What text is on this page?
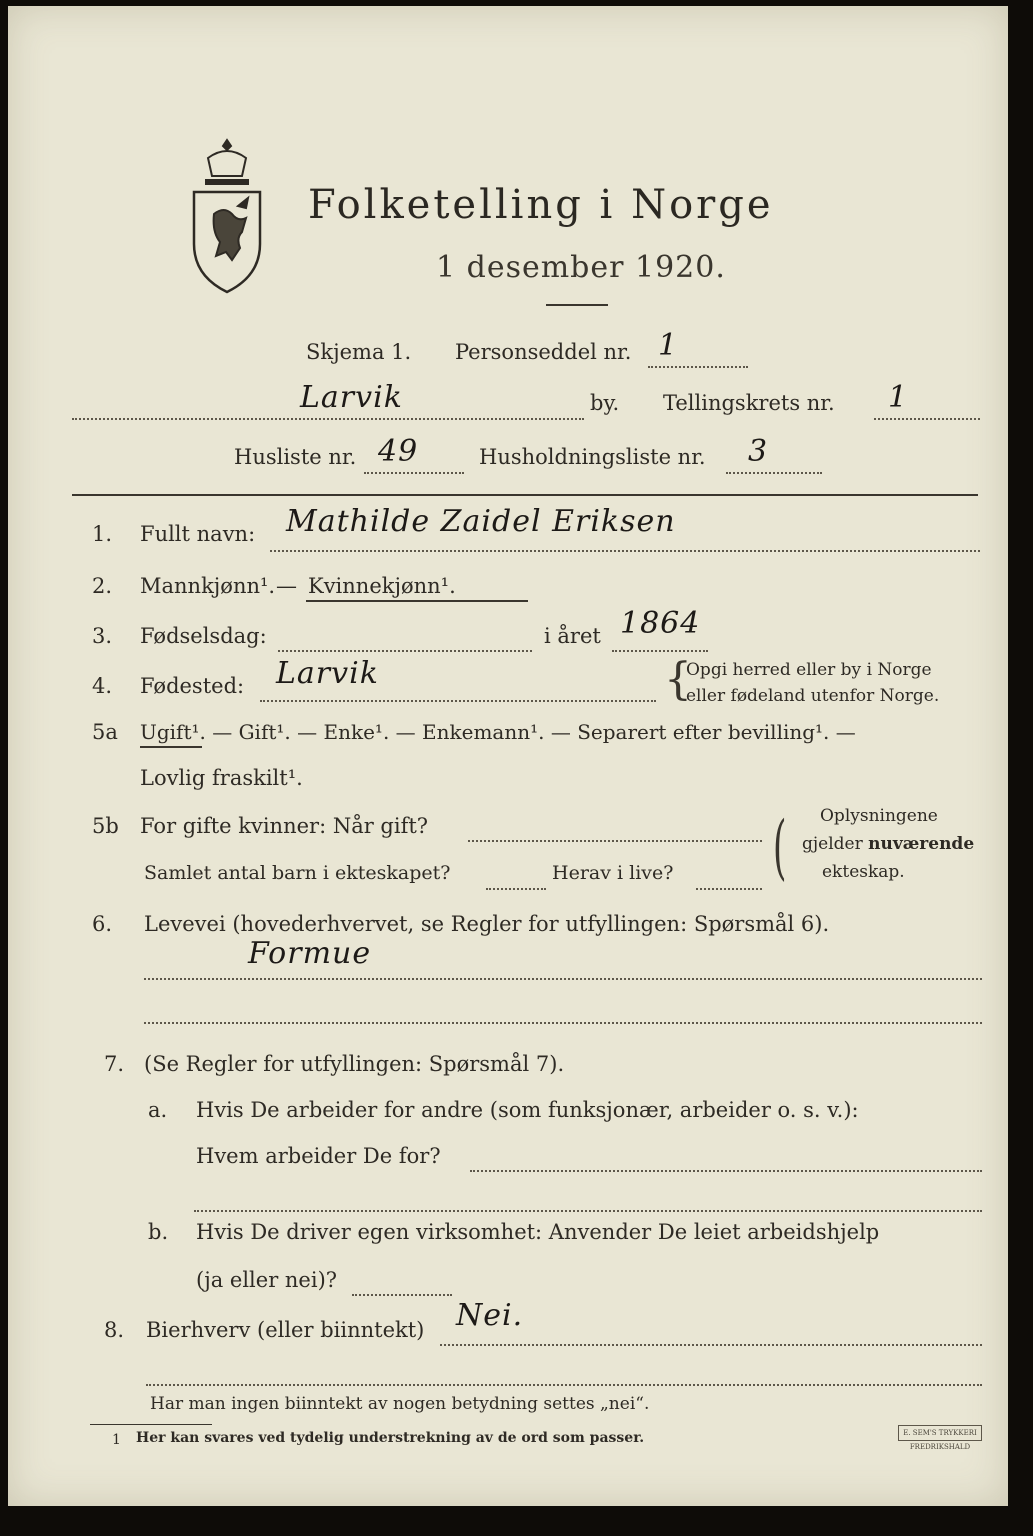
Folketelling i Norge
1 desember 1920.
Skjema 1. Personseddel nr. 1
Larvik	by. Tellingskrets nr. 1
Husliste nr. 49	Husholdningsliste nr. 3
1. Fullt navn: Mathilde Zaidel Eriksen
2. Mannkjønn¹. — Kvinnekjønn¹.
3. Fødselsdag:	i året 1864
4. Fødested: Larvik	{
Opgi herred eller by i Norge
eller fødeland utenfor Norge.
5a Ugift¹. — Gift¹. — Enke¹. — Enkemann¹. — Separert efter bevilling¹. —
Lovlig fraskilt¹.
5b For gifte kvinner: Når gift?
Samlet antal barn i ekteskapet?	Herav i live? ( Oplysningene
gjelder nuværende
ekteskap.
6. Levevei (hovederhvervet, se Regler for utfyllingen: Spørsmål 6).
Formue
7. (Se Regler for utfyllingen: Spørsmål 7).
a. Hvis De arbeider for andre (som funksjonær, arbeider o. s. v.):
Hvem arbeider De for?
b. Hvis De driver egen virksomhet: Anvender De leiet arbeidshjelp
(ja eller nei)?
8. Bierhverv (eller biinntekt) Nei.
Har man ingen biinntekt av nogen betydning settes „nei“.
1 Her kan svares ved tydelig understrekning av de ord som passer.	E. SEM'S TRYKKERI FREDRIKSHALD
